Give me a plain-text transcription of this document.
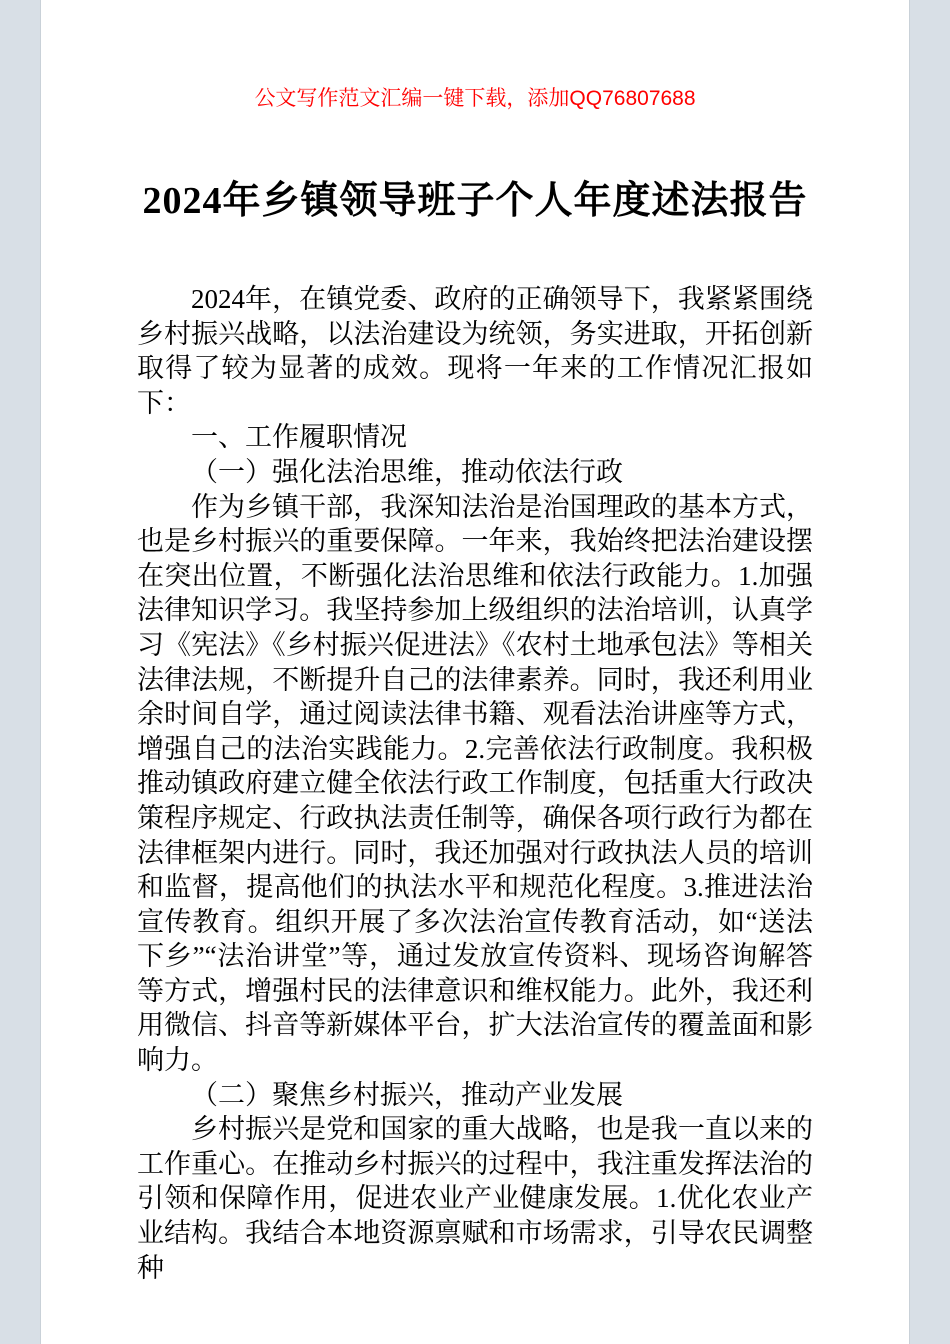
公文写作范文汇编一键下载，添加QQ76807688
2024年乡镇领导班子个人年度述法报告

2024年，在镇党委、政府的正确领导下，我紧紧围绕乡村振兴战略，以法治建设为统领，务实进取，开拓创新取得了较为显著的成效。现将一年来的工作情况汇报如下：

一、工作履职情况

（一）强化法治思维，推动依法行政

作为乡镇干部，我深知法治是治国理政的基本方式，也是乡村振兴的重要保障。一年来，我始终把法治建设摆在突出位置，不断强化法治思维和依法行政能力。1.加强法律知识学习。我坚持参加上级组织的法治培训，认真学习《宪法》《乡村振兴促进法》《农村土地承包法》等相关法律法规，不断提升自己的法律素养。同时，我还利用业余时间自学，通过阅读法律书籍、观看法治讲座等方式，增强自己的法治实践能力。2.完善依法行政制度。我积极推动镇政府建立健全依法行政工作制度，包括重大行政决策程序规定、行政执法责任制等，确保各项行政行为都在法律框架内进行。同时，我还加强对行政执法人员的培训和监督，提高他们的执法水平和规范化程度。3.推进法治宣传教育。组织开展了多次法治宣传教育活动，如“送法下乡”“法治讲堂”等，通过发放宣传资料、现场咨询解答等方式，增强村民的法律意识和维权能力。此外，我还利用微信、抖音等新媒体平台，扩大法治宣传的覆盖面和影响力。

（二）聚焦乡村振兴，推动产业发展

乡村振兴是党和国家的重大战略，也是我一直以来的工作重心。在推动乡村振兴的过程中，我注重发挥法治的引领和保障作用，促进农业产业健康发展。1.优化农业产业结构。我结合本地资源禀赋和市场需求，引导农民调整种
